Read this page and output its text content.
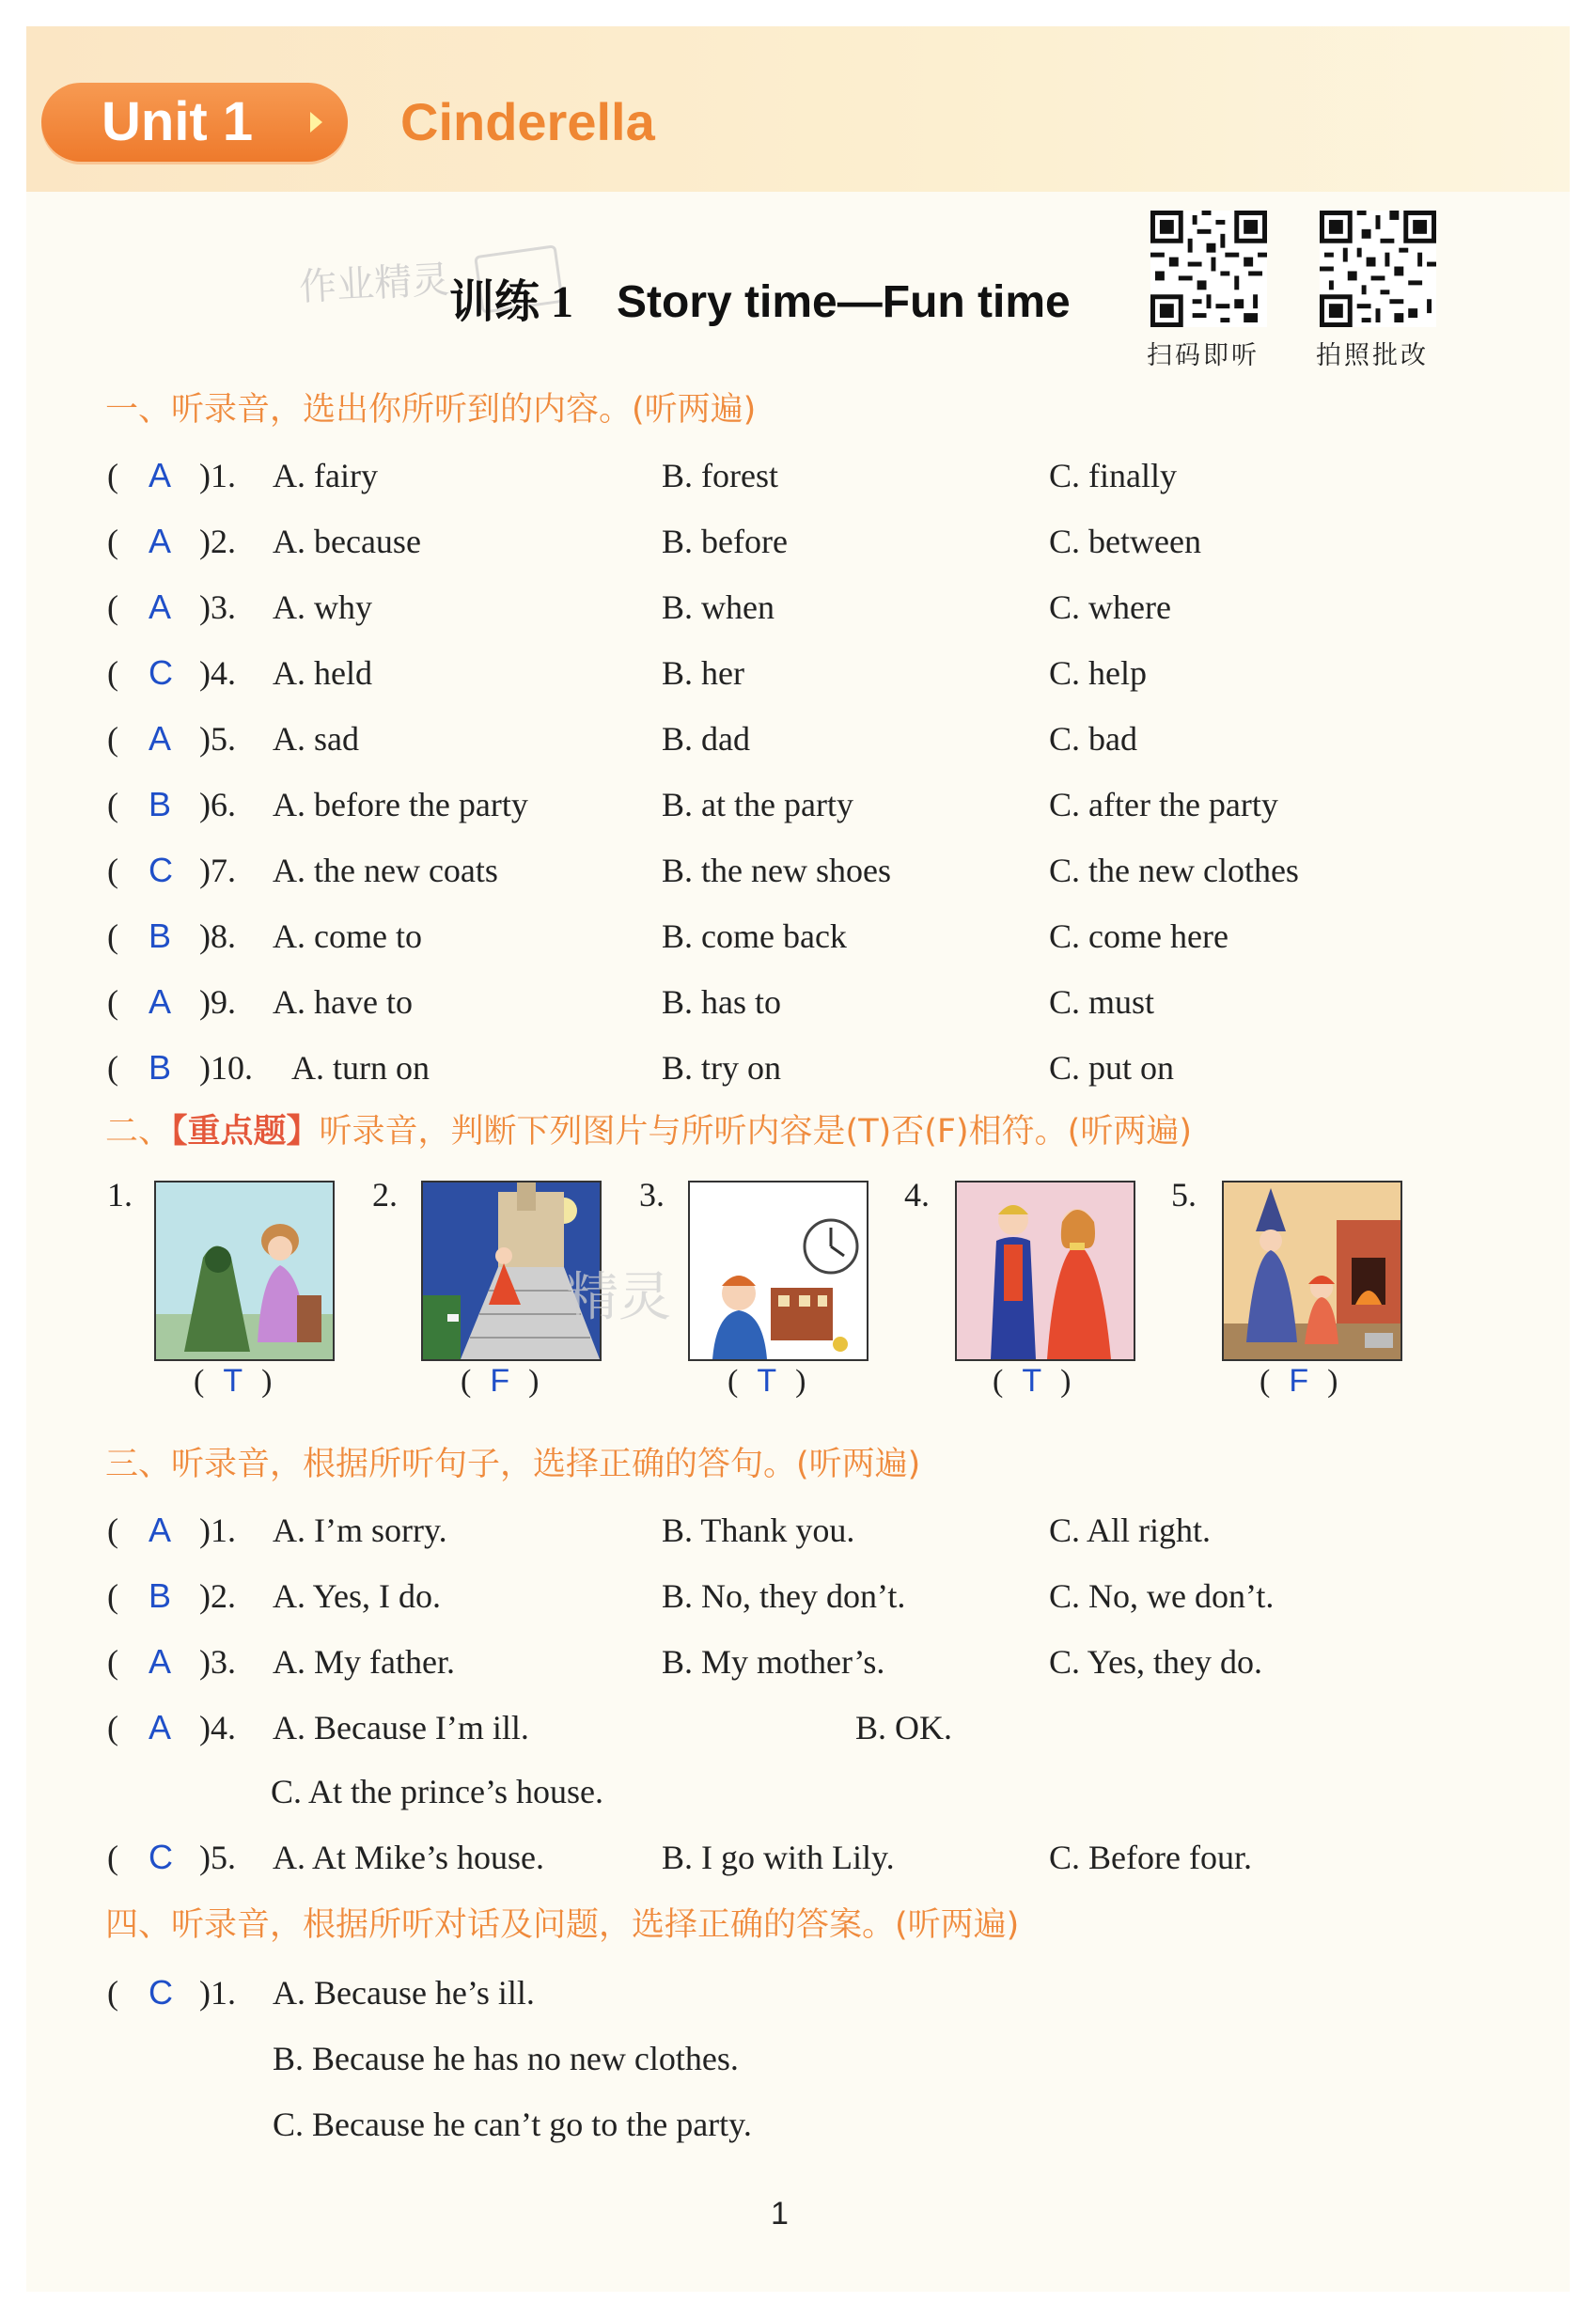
Unit 1	Cinderella
作业精灵
训练 1 Story time—Fun time
扫码即听 拍照批改
一、听录音，选出你所听到的内容。(听两遍)
( A )1. A. fairy	B. forest	C. finally
( A )2. A. because	B. before	C. between
( A )3. A. why	B. when	C. where
( C )4. A. held	B. her	C. help
( A )5. A. sad	B. dad	C. bad
( B )6. A. before the party	B. at the party	C. after the party
( C )7. A. the new coats	B. the new shoes	C. the new clothes
( B )8. A. come to	B. come back	C. come here
( A )9. A. have to	B. has to	C. must
( B )10. A. turn on	B. try on	C. put on
二、【重点题】听录音，判断下列图片与所听内容是(T)否(F)相符。(听两遍)
1.	2.	3.	4.	5.
精灵
( T )	( F )	( T )	( T )	( F )
三、听录音，根据所听句子，选择正确的答句。(听两遍)
( A )1. A. I’m sorry.	B. Thank you.	C. All right.
( B )2. A. Yes, I do.	B. No, they don’t.	C. No, we don’t.
( A )3. A. My father.	B. My mother’s.	C. Yes, they do.
( A )4. A. Because I’m ill.	B. OK.
C. At the prince’s house.
( C )5. A. At Mike’s house.	B. I go with Lily.	C. Before four.
四、听录音，根据所听对话及问题，选择正确的答案。(听两遍)
( C )1. A. Because he’s ill.
B. Because he has no new clothes.
C. Because he can’t go to the party.
1
